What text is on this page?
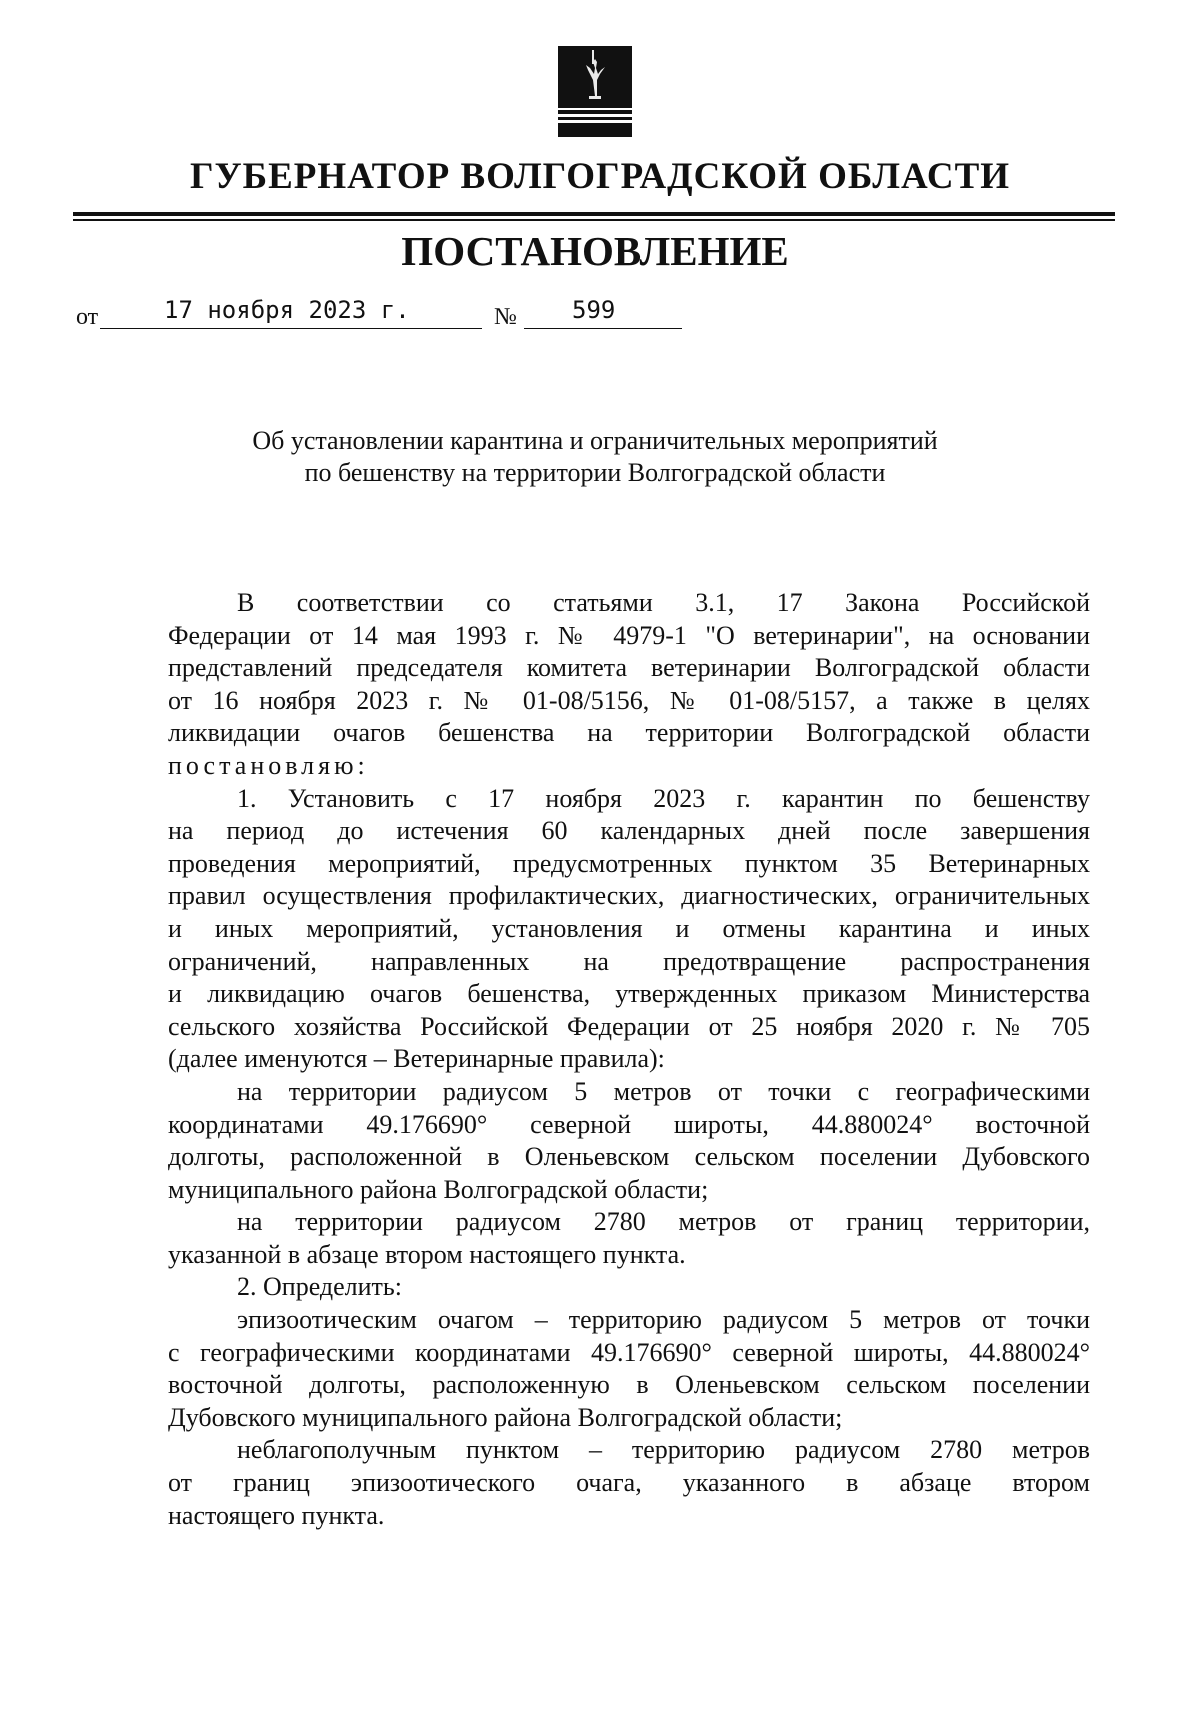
ГУБЕРНАТОР ВОЛГОГРАДСКОЙ ОБЛАСТИ
ПОСТАНОВЛЕНИЕ
от	17 ноября 2023 г.	№ 599
Об установлении карантина и ограничительных мероприятий
по бешенству на территории Волгоградской области
В соответствии со статьями 3.1, 17 Закона Российской
Федерации от 14 мая 1993 г. № 4979-1 "О ветеринарии", на основании
представлений председателя комитета ветеринарии Волгоградской области
от 16 ноября 2023 г. № 01-08/5156, № 01-08/5157, а также в целях
ликвидации очагов бешенства на территории Волгоградской области
постановляю:
1. Установить с 17 ноября 2023 г. карантин по бешенству
на период до истечения 60 календарных дней после завершения
проведения мероприятий, предусмотренных пунктом 35 Ветеринарных
правил осуществления профилактических, диагностических, ограничительных
и иных мероприятий, установления и отмены карантина и иных
ограничений, направленных на предотвращение распространения
и ликвидацию очагов бешенства, утвержденных приказом Министерства
сельского хозяйства Российской Федерации от 25 ноября 2020 г. № 705
(далее именуются – Ветеринарные правила):
на территории радиусом 5 метров от точки с географическими
координатами 49.176690° северной широты, 44.880024° восточной
долготы, расположенной в Оленьевском сельском поселении Дубовского
муниципального района Волгоградской области;
на территории радиусом 2780 метров от границ территории,
указанной в абзаце втором настоящего пункта.
2. Определить:
эпизоотическим очагом – территорию радиусом 5 метров от точки
с географическими координатами 49.176690° северной широты, 44.880024°
восточной долготы, расположенную в Оленьевском сельском поселении
Дубовского муниципального района Волгоградской области;
неблагополучным пунктом – территорию радиусом 2780 метров
от границ эпизоотического очага, указанного в абзаце втором
настоящего пункта.
